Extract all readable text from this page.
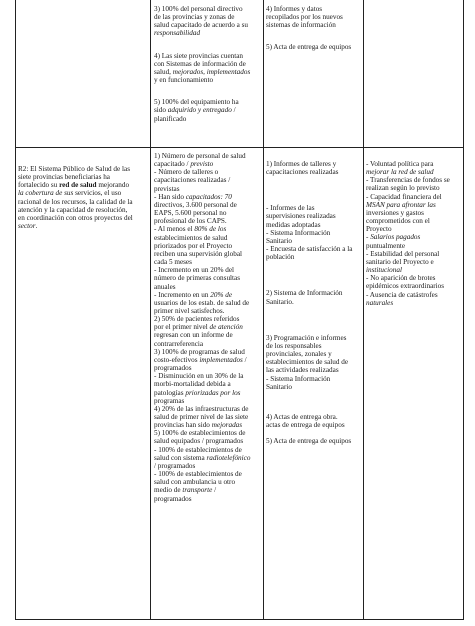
3) 100% del personal directivo
de las provincias y zonas de
salud capacitado de acuerdo a su
responsabilidad

4) Las siete provincias cuentan
con Sistemas de información de
salud, mejorados, implementados
y en funcionamiento

5) 100% del equipamiento ha
sido adquirido y entregado /
planificado

4) Informes y datos
recopilados por los nuevos
sistemas de información

5) Acta de entrega de equipos

R2: El Sistema Público de Salud de las
siete provincias beneficiarias ha
fortalecido su red de salud mejorando
la cobertura de sus servicios, el uso
racional de los recursos, la calidad de la
atención y la capacidad de resolución,
en coordinación con otros proyectos del
sector.

1) Número de personal de salud
capacitado / previsto
- Número de talleres o
capacitaciones realizadas /
previstas
- Han sido capacitados: 70
directivos, 3.600 personal de
EAPS, 5.600 personal no
profesional de los CAPS.
- Al menos el 80% de los
establecimientos de salud
priorizados por el Proyecto
reciben una supervisión global
cada 5 meses
- Incremento en un 20% del
número de primeras consultas
anuales
- Incremento en un 20% de
usuarios de los estab. de salud de
primer nivel satisfechos.
2) 50% de pacientes referidos
por el primer nivel de atención
regresan con un informe de
contrarreferencia
3) 100% de programas de salud
costo-efectivos implementados /
programados
- Disminución en un 30% de la
morbi-mortalidad debida a
patologías priorizadas por los
programas
4) 20% de las infraestructuras de
salud de primer nivel de las siete
provincias han sido mejoradas
5) 100% de establecimientos de
salud equipados / programados
- 100% de establecimientos de
salud con sistema radiotelefónico
/ programados
- 100% de establecimientos de
salud con ambulancia u otro
medio de transporte /
programados

1) Informes de talleres y
capacitaciones realizadas

- Informes de las
supervisiones realizadas
medidas adoptadas
- Sistema Información
Sanitario
- Encuesta de satisfacción a la
población

2) Sistema de Información
Sanitario.

3) Programación e informes
de los responsables
provinciales, zonales y
establecimientos de salud de
las actividades realizadas
- Sistema Información
Sanitario

4) Actas de entrega obra.
actas de entrega de equipos

5) Acta de entrega de equipos

- Voluntad política para
mejorar la red de salud
- Transferencias de fondos se
realizan según lo previsto
- Capacidad financiera del
MSAN para afrontar las
inversiones y gastos
comprometidos con el
Proyecto
- Salarios pagados
puntualmente
- Estabilidad del personal
sanitario del Proyecto e
institucional
- No aparición de brotes
epidémicos extraordinarios
- Ausencia de catástrofes
naturales
